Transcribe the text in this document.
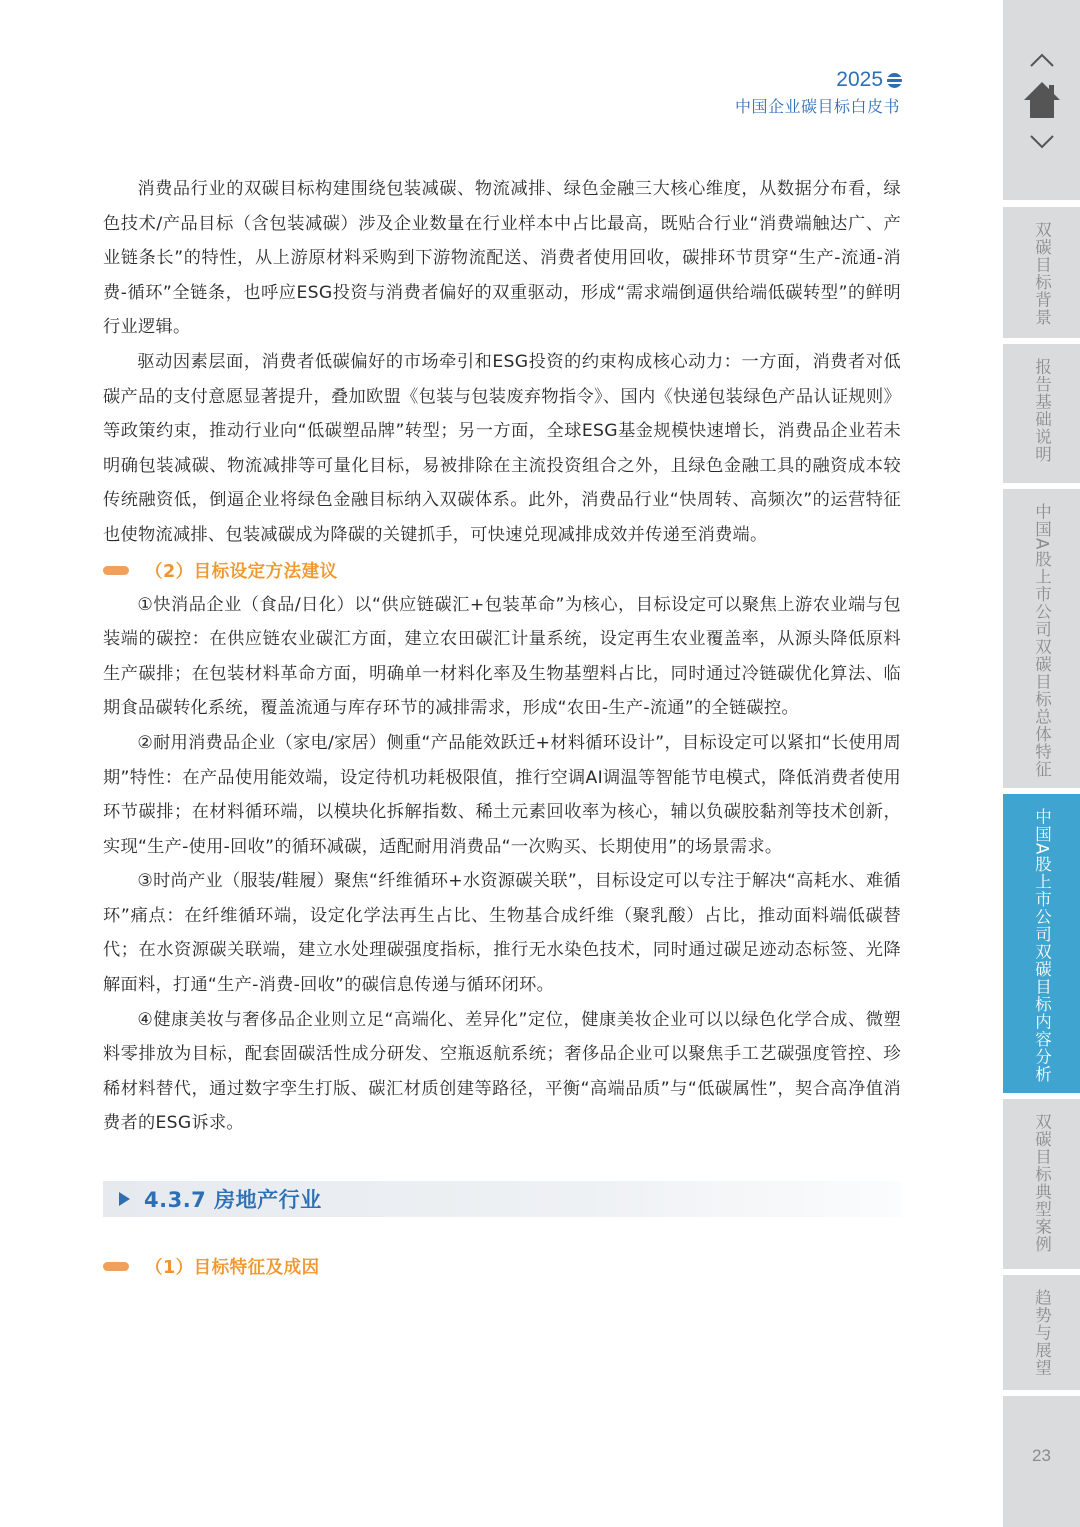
2025
中国企业碳目标白皮书

消费品行业的双碳目标构建围绕包装减碳、物流减排、绿色金融三大核心维度，从数据分布看，绿色技术/产品目标（含包装减碳）涉及企业数量在行业样本中占比最高，既贴合行业“消费端触达广、产业链条长”的特性，从上游原材料采购到下游物流配送、消费者使用回收，碳排环节贯穿“生产-流通-消费-循环”全链条，也呼应ESG投资与消费者偏好的双重驱动，形成“需求端倒逼供给端低碳转型”的鲜明行业逻辑。

驱动因素层面，消费者低碳偏好的市场牵引和ESG投资的约束构成核心动力：一方面，消费者对低碳产品的支付意愿显著提升，叠加欧盟《包装与包装废弃物指令》、国内《快递包装绿色产品认证规则》等政策约束，推动行业向“低碳塑品牌”转型；另一方面，全球ESG基金规模快速增长，消费品企业若未明确包装减碳、物流减排等可量化目标，易被排除在主流投资组合之外，且绿色金融工具的融资成本较传统融资低，倒逼企业将绿色金融目标纳入双碳体系。此外，消费品行业“快周转、高频次”的运营特征也使物流减排、包装减碳成为降碳的关键抓手，可快速兑现减排成效并传递至消费端。

（2）目标设定方法建议

①快消品企业（食品/日化）以“供应链碳汇+包装革命”为核心，目标设定可以聚焦上游农业端与包装端的碳控：在供应链农业碳汇方面，建立农田碳汇计量系统，设定再生农业覆盖率，从源头降低原料生产碳排；在包装材料革命方面，明确单一材料化率及生物基塑料占比，同时通过冷链碳优化算法、临期食品碳转化系统，覆盖流通与库存环节的减排需求，形成“农田-生产-流通”的全链碳控。

②耐用消费品企业（家电/家居）侧重“产品能效跃迁+材料循环设计”，目标设定可以紧扣“长使用周期”特性：在产品使用能效端，设定待机功耗极限值，推行空调AI调温等智能节电模式，降低消费者使用环节碳排；在材料循环端，以模块化拆解指数、稀土元素回收率为核心，辅以负碳胶黏剂等技术创新，实现“生产-使用-回收”的循环减碳，适配耐用消费品“一次购买、长期使用”的场景需求。

③时尚产业（服装/鞋履）聚焦“纤维循环+水资源碳关联”，目标设定可以专注于解决“高耗水、难循环”痛点：在纤维循环端，设定化学法再生占比、生物基合成纤维（聚乳酸）占比，推动面料端低碳替代；在水资源碳关联端，建立水处理碳强度指标，推行无水染色技术，同时通过碳足迹动态标签、光降解面料，打通“生产-消费-回收”的碳信息传递与循环闭环。

④健康美妆与奢侈品企业则立足“高端化、差异化”定位，健康美妆企业可以以绿色化学合成、微塑料零排放为目标，配套固碳活性成分研发、空瓶返航系统；奢侈品企业可以聚焦手工艺碳强度管控、珍稀材料替代，通过数字孪生打版、碳汇材质创建等路径，平衡“高端品质”与“低碳属性”，契合高净值消费者的ESG诉求。

4.3.7 房地产行业
（1）目标特征及成因
双碳目标背景
报告基础说明
中国A股上市公司双碳目标总体特征
中国A股上市公司双碳目标内容分析
双碳目标典型案例
趋势与展望
23
